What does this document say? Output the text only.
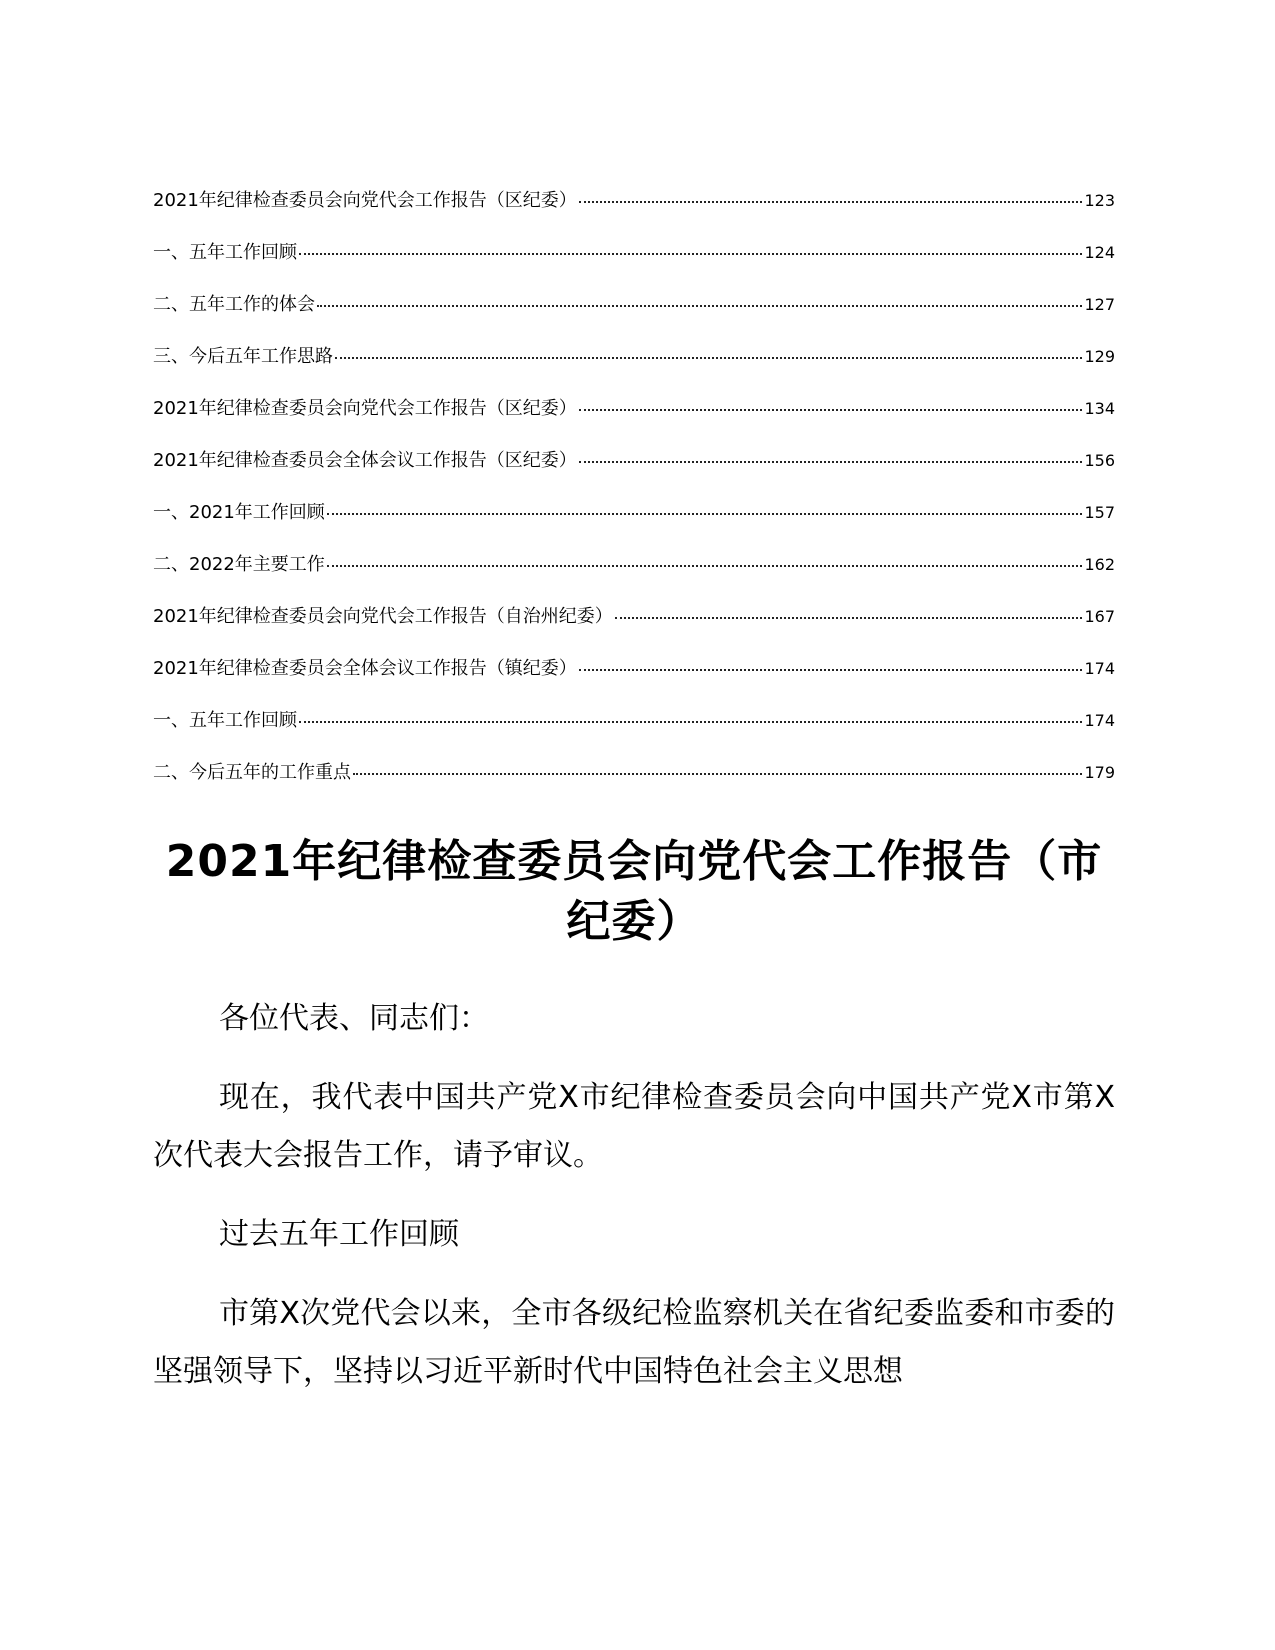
2021年纪律检查委员会向党代会工作报告（区纪委）	123
一、五年工作回顾	124
二、五年工作的体会	127
三、今后五年工作思路	129
2021年纪律检查委员会向党代会工作报告（区纪委）	134
2021年纪律检查委员会全体会议工作报告（区纪委）	156
一、2021年工作回顾	157
二、2022年主要工作	162
2021年纪律检查委员会向党代会工作报告（自治州纪委）	167
2021年纪律检查委员会全体会议工作报告（镇纪委）	174
一、五年工作回顾	174
二、今后五年的工作重点	179
2021年纪律检查委员会向党代会工作报告（市纪委）

各位代表、同志们：

现在，我代表中国共产党X市纪律检查委员会向中国共产党X市第X次代表大会报告工作，请予审议。

过去五年工作回顾

市第X次党代会以来，全市各级纪检监察机关在省纪委监委和市委的坚强领导下，坚持以习近平新时代中国特色社会主义思想
